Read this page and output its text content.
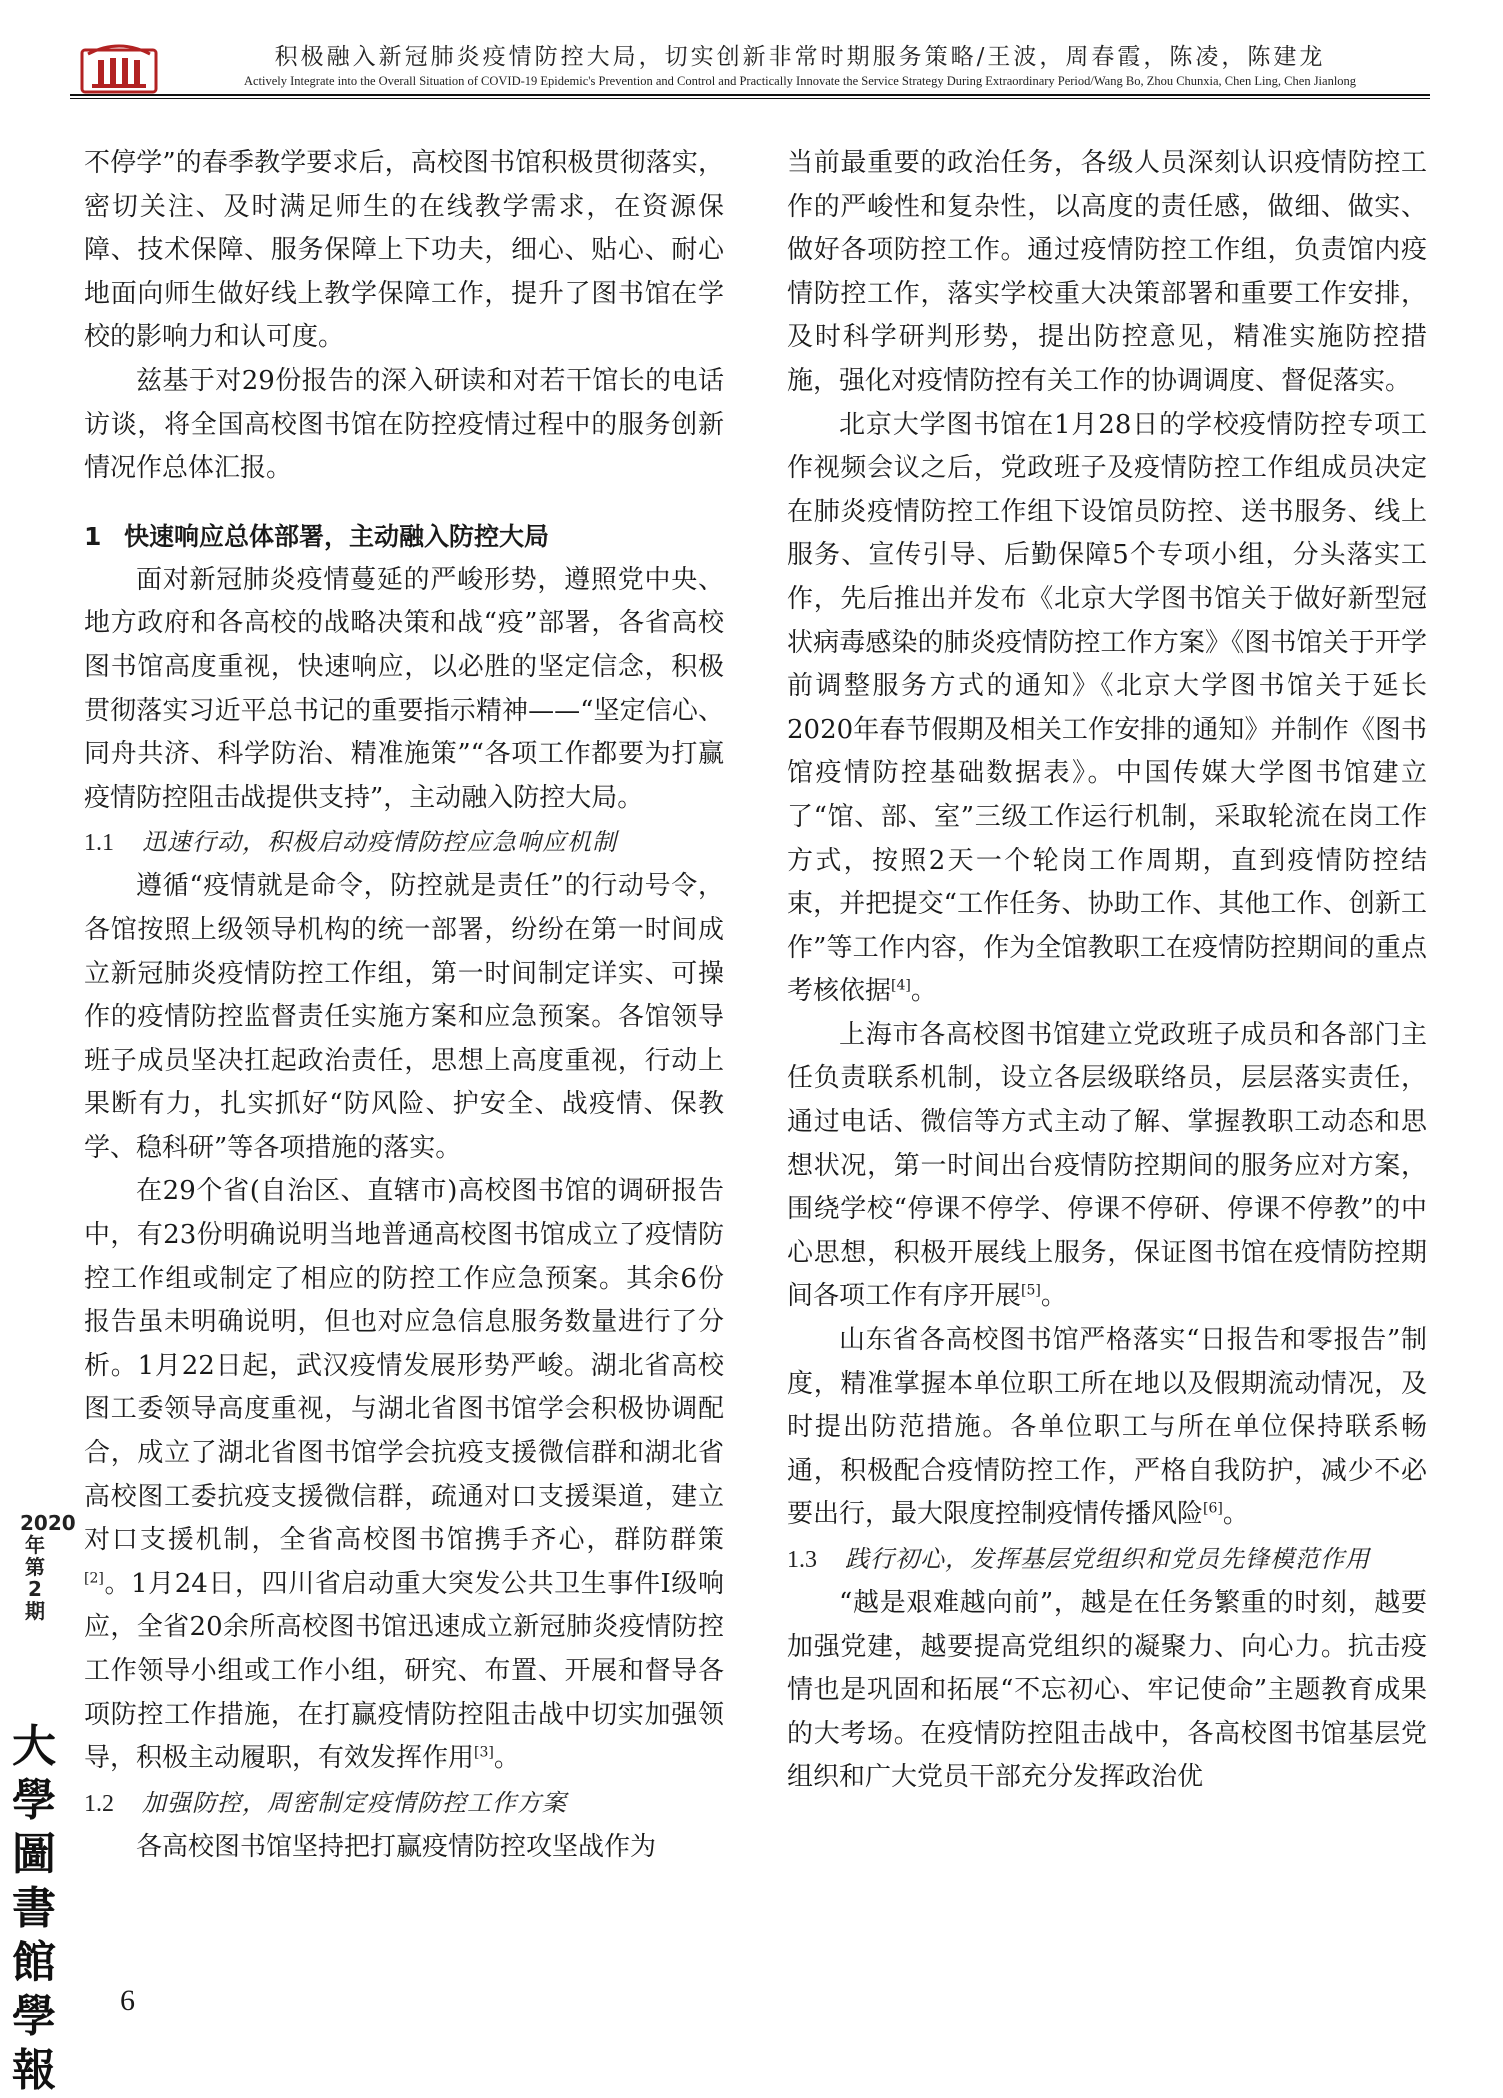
积极融入新冠肺炎疫情防控大局，切实创新非常时期服务策略/王波，周春霞，陈凌，陈建龙
Actively Integrate into the Overall Situation of COVID-19 Epidemic's Prevention and Control and Practically Innovate the Service Strategy During Extraordinary Period/Wang Bo, Zhou Chunxia, Chen Ling, Chen Jianlong

不停学”的春季教学要求后，高校图书馆积极贯彻落实，密切关注、及时满足师生的在线教学需求，在资源保障、技术保障、服务保障上下功夫，细心、贴心、耐心地面向师生做好线上教学保障工作，提升了图书馆在学校的影响力和认可度。

兹基于对29份报告的深入研读和对若干馆长的电话访谈，将全国高校图书馆在防控疫情过程中的服务创新情况作总体汇报。

1 快速响应总体部署，主动融入防控大局

面对新冠肺炎疫情蔓延的严峻形势，遵照党中央、地方政府和各高校的战略决策和战“疫”部署，各省高校图书馆高度重视，快速响应，以必胜的坚定信念，积极贯彻落实习近平总书记的重要指示精神——“坚定信心、同舟共济、科学防治、精准施策”“各项工作都要为打赢疫情防控阻击战提供支持”，主动融入防控大局。

1.1 迅速行动，积极启动疫情防控应急响应机制

遵循“疫情就是命令，防控就是责任”的行动号令，各馆按照上级领导机构的统一部署，纷纷在第一时间成立新冠肺炎疫情防控工作组，第一时间制定详实、可操作的疫情防控监督责任实施方案和应急预案。各馆领导班子成员坚决扛起政治责任，思想上高度重视，行动上果断有力，扎实抓好“防风险、护安全、战疫情、保教学、稳科研”等各项措施的落实。

在29个省(自治区、直辖市)高校图书馆的调研报告中，有23份明确说明当地普通高校图书馆成立了疫情防控工作组或制定了相应的防控工作应急预案。其余6份报告虽未明确说明，但也对应急信息服务数量进行了分析。1月22日起，武汉疫情发展形势严峻。湖北省高校图工委领导高度重视，与湖北省图书馆学会积极协调配合，成立了湖北省图书馆学会抗疫支援微信群和湖北省高校图工委抗疫支援微信群，疏通对口支援渠道，建立对口支援机制，全省高校图书馆携手齐心，群防群策[2]。1月24日，四川省启动重大突发公共卫生事件Ⅰ级响应，全省20余所高校图书馆迅速成立新冠肺炎疫情防控工作领导小组或工作小组，研究、布置、开展和督导各项防控工作措施，在打赢疫情防控阻击战中切实加强领导，积极主动履职，有效发挥作用[3]。

1.2 加强防控，周密制定疫情防控工作方案

各高校图书馆坚持把打赢疫情防控攻坚战作为

当前最重要的政治任务，各级人员深刻认识疫情防控工作的严峻性和复杂性，以高度的责任感，做细、做实、做好各项防控工作。通过疫情防控工作组，负责馆内疫情防控工作，落实学校重大决策部署和重要工作安排，及时科学研判形势，提出防控意见，精准实施防控措施，强化对疫情防控有关工作的协调调度、督促落实。

北京大学图书馆在1月28日的学校疫情防控专项工作视频会议之后，党政班子及疫情防控工作组成员决定在肺炎疫情防控工作组下设馆员防控、送书服务、线上服务、宣传引导、后勤保障5个专项小组，分头落实工作，先后推出并发布《北京大学图书馆关于做好新型冠状病毒感染的肺炎疫情防控工作方案》《图书馆关于开学前调整服务方式的通知》《北京大学图书馆关于延长2020年春节假期及相关工作安排的通知》并制作《图书馆疫情防控基础数据表》。中国传媒大学图书馆建立了“馆、部、室”三级工作运行机制，采取轮流在岗工作方式，按照2天一个轮岗工作周期，直到疫情防控结束，并把提交“工作任务、协助工作、其他工作、创新工作”等工作内容，作为全馆教职工在疫情防控期间的重点考核依据[4]。

上海市各高校图书馆建立党政班子成员和各部门主任负责联系机制，设立各层级联络员，层层落实责任，通过电话、微信等方式主动了解、掌握教职工动态和思想状况，第一时间出台疫情防控期间的服务应对方案，围绕学校“停课不停学、停课不停研、停课不停教”的中心思想，积极开展线上服务，保证图书馆在疫情防控期间各项工作有序开展[5]。

山东省各高校图书馆严格落实“日报告和零报告”制度，精准掌握本单位职工所在地以及假期流动情况，及时提出防范措施。各单位职工与所在单位保持联系畅通，积极配合疫情防控工作，严格自我防护，减少不必要出行，最大限度控制疫情传播风险[6]。

1.3 践行初心，发挥基层党组织和党员先锋模范作用

“越是艰难越向前”，越是在任务繁重的时刻，越要加强党建，越要提高党组织的凝聚力、向心力。抗击疫情也是巩固和拓展“不忘初心、牢记使命”主题教育成果的大考场。在疫情防控阻击战中，各高校图书馆基层党组织和广大党员干部充分发挥政治优

2020年第2期
大學圖書館學報
6
